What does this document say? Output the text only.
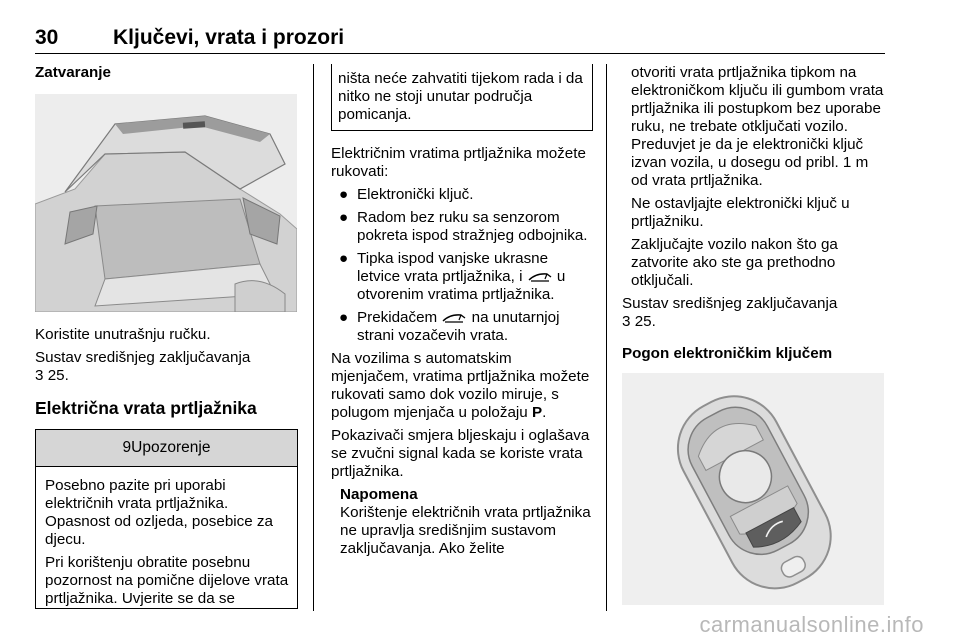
30	Ključevi, vrata i prozori
Zatvaranje

Koristite unutrašnju ručku.

Sustav središnjeg zaključavanja
3 25.

Električna vrata prtljažnika
9Upozorenje

Posebno pazite pri uporabi električnih vrata prtljažnika. Opasnost od ozljeda, posebice za djecu.

Pri korištenju obratite posebnu pozornost na pomične dijelove vrata prtljažnika. Uvjerite se da se

ništa neće zahvatiti tijekom rada i da nitko ne stoji unutar područja pomicanja.

Električnim vratima prtljažnika možete rukovati:

● Elektronički ključ.
● Radom bez ruku sa senzorom pokreta ispod stražnjeg odbojnika.
● Tipka ispod vanjske ukrasne letvice vrata prtljažnika, i u otvorenim vratima prtljažnika.
● Prekidačem na unutarnjoj strani vozačevih vrata.

Na vozilima s automatskim mjenjačem, vratima prtljažnika možete rukovati samo dok vozilo miruje, s polugom mjenjača u položaju P.

Pokazivači smjera bljeskaju i oglašava se zvučni signal kada se koriste vrata prtljažnika.

Napomena
Korištenje električnih vrata prtljažnika ne upravlja središnjim sustavom zaključavanja. Ako želite

otvoriti vrata prtljažnika tipkom na elektroničkom ključu ili gumbom vrata prtljažnika ili postupkom bez uporabe ruku, ne trebate otključati vozilo. Preduvjet je da je elektronički ključ izvan vozila, u dosegu od pribl. 1 m od vrata prtljažnika.

Ne ostavljajte elektronički ključ u prtljažniku.

Zaključajte vozilo nakon što ga zatvorite ako ste ga prethodno otključali.

Sustav središnjeg zaključavanja
3 25.

Pogon elektroničkim ključem
carmanualsonline.info
